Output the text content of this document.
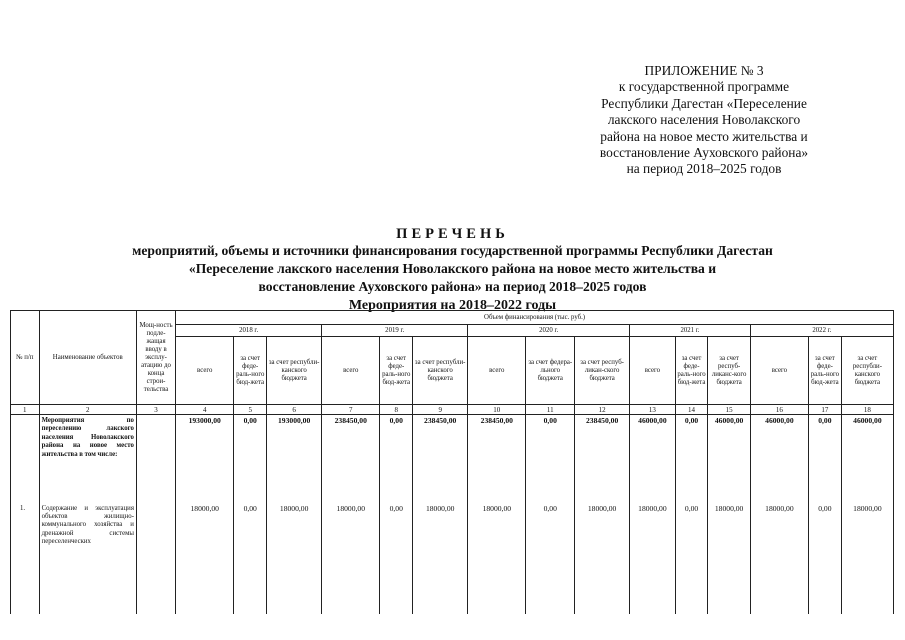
ПРИЛОЖЕНИЕ № 3
к государственной программе
Республики Дагестан «Переселение
лакского населения Новолакского
района на новое место жительства и
восстановление Ауховского района»
на период 2018–2025 годов
ПЕРЕЧЕНЬ
мероприятий, объемы и источники финансирования государственной программы Республики Дагестан
«Переселение лакского населения Новолакского района на новое место жительства и
восстановление Ауховского района» на период 2018–2025 годов
Мероприятия на 2018–2022 годы
№ п/п	Наименование объектов	Мощ-ность подле-жащая вводу в эксплу-атацию до конца строи-тельства	Объем финансирования (тыс. руб.)														
			2018 г.			2019 г.			2020 г.			2021 г.			2022 г.		
			всего	за счет феде-раль-ного бюд-жета	за счет республи-канского бюджета	всего	за счет феде-раль-ного бюд-жета	за счет республи-канского бюджета	всего	за счет федера-льного бюджета	за счет респуб-ликан-ского бюджета	всего	за счет феде-раль-ного бюд-жета	за счет респуб-ликанс-кого бюджета	всего	за счет феде-раль-ного бюд-жета	за счет республи-канского бюджета
1	2	3	4	5	6	7	8	9	10	11	12	13	14	15	16	17	18
	Мероприятия по переселению лакского населения Новолакского района на новое место жительства в том числе:		193000,00	0,00	193000,00	238450,00	0,00	238450,00	238450,00	0,00	238450,00	46000,00	0,00	46000,00	46000,00	0,00	46000,00
1.	Содержание и эксплуатация объектов жилищно-коммунального хозяйства и дренажной системы переселенческих		18000,00	0,00	18000,00	18000,00	0,00	18000,00	18000,00	0,00	18000,00	18000,00	0,00	18000,00	18000,00	0,00	18000,00
